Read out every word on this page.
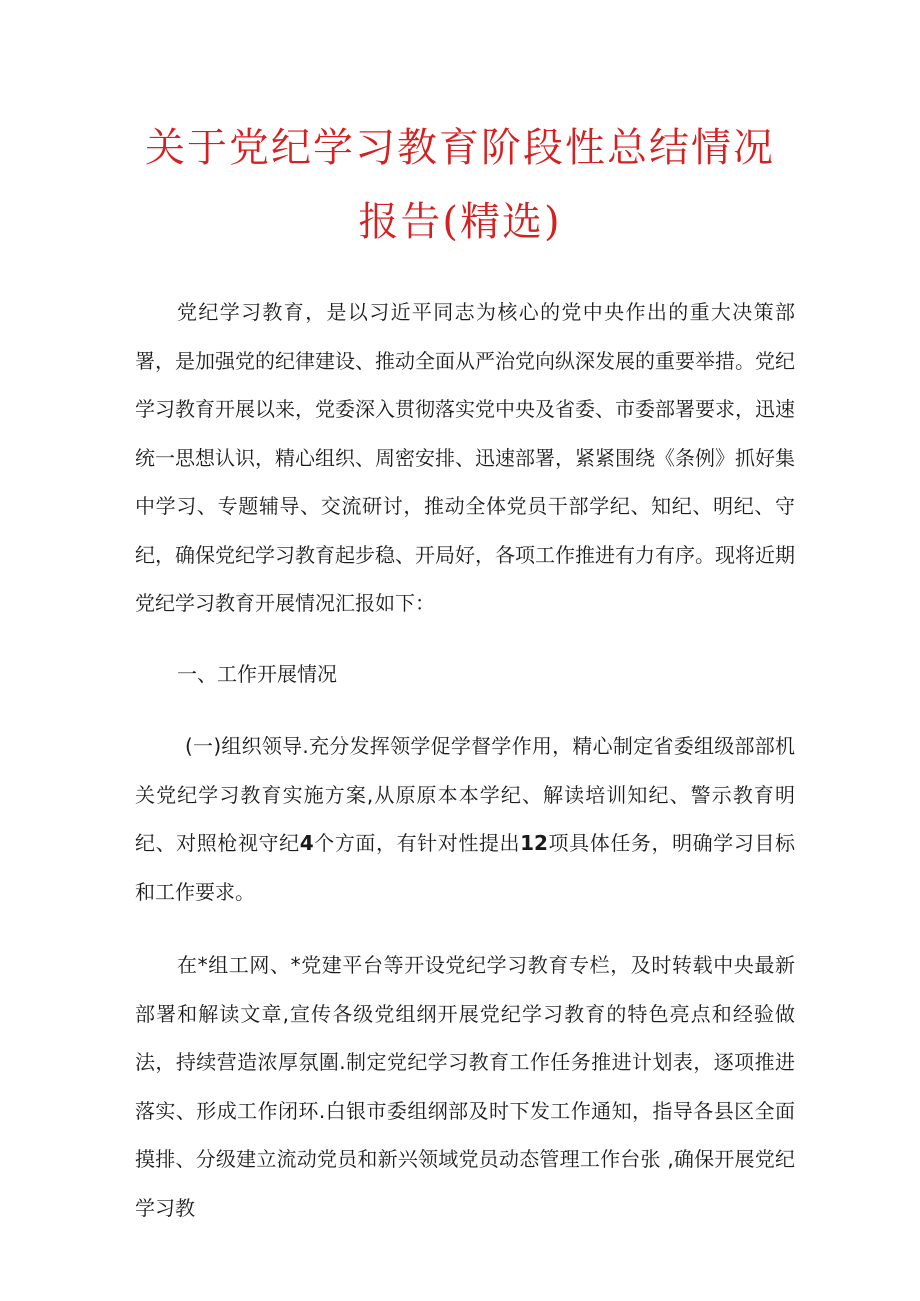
关于党纪学习教育阶段性总结情况
报告(精选)

党纪学习教育，是以习近平同志为核心的党中央作出的重大决策部署，是加强党的纪律建设、推动全面从严治党向纵深发展的重要举措。党纪学习教育开展以来，党委深入贯彻落实党中央及省委、市委部署要求，迅速统一思想认识，精心组织、周密安排、迅速部署，紧紧围绕《条例》抓好集中学习、专题辅导、交流研讨，推动全体党员干部学纪、知纪、明纪、守纪，确保党纪学习教育起步稳、开局好，各项工作推进有力有序。现将近期党纪学习教育开展情况汇报如下：

一、工作开展情况

(一)组织领导.充分发挥领学促学督学作用，精心制定省委组级部部机关党纪学习教育实施方案,从原原本本学纪、解读培训知纪、警示教育明纪、对照枪视守纪4个方面，有针对性提出12项具体任务，明确学习目标和工作要求。

在*组工网、*党建平台等开设党纪学习教育专栏，及时转载中央最新部署和解读文章,宣传各级党组纲开展党纪学习教育的特色亮点和经验做法，持续营造浓厚氛圍.制定党纪学习教育工作任务推进计划表，逐项推进落实、形成工作闭环.白银市委组纲部及时下发工作通知，指导各县区全面摸排、分级建立流动党员和新兴领域党员动态管理工作台张 ,确保开展党纪学习教
